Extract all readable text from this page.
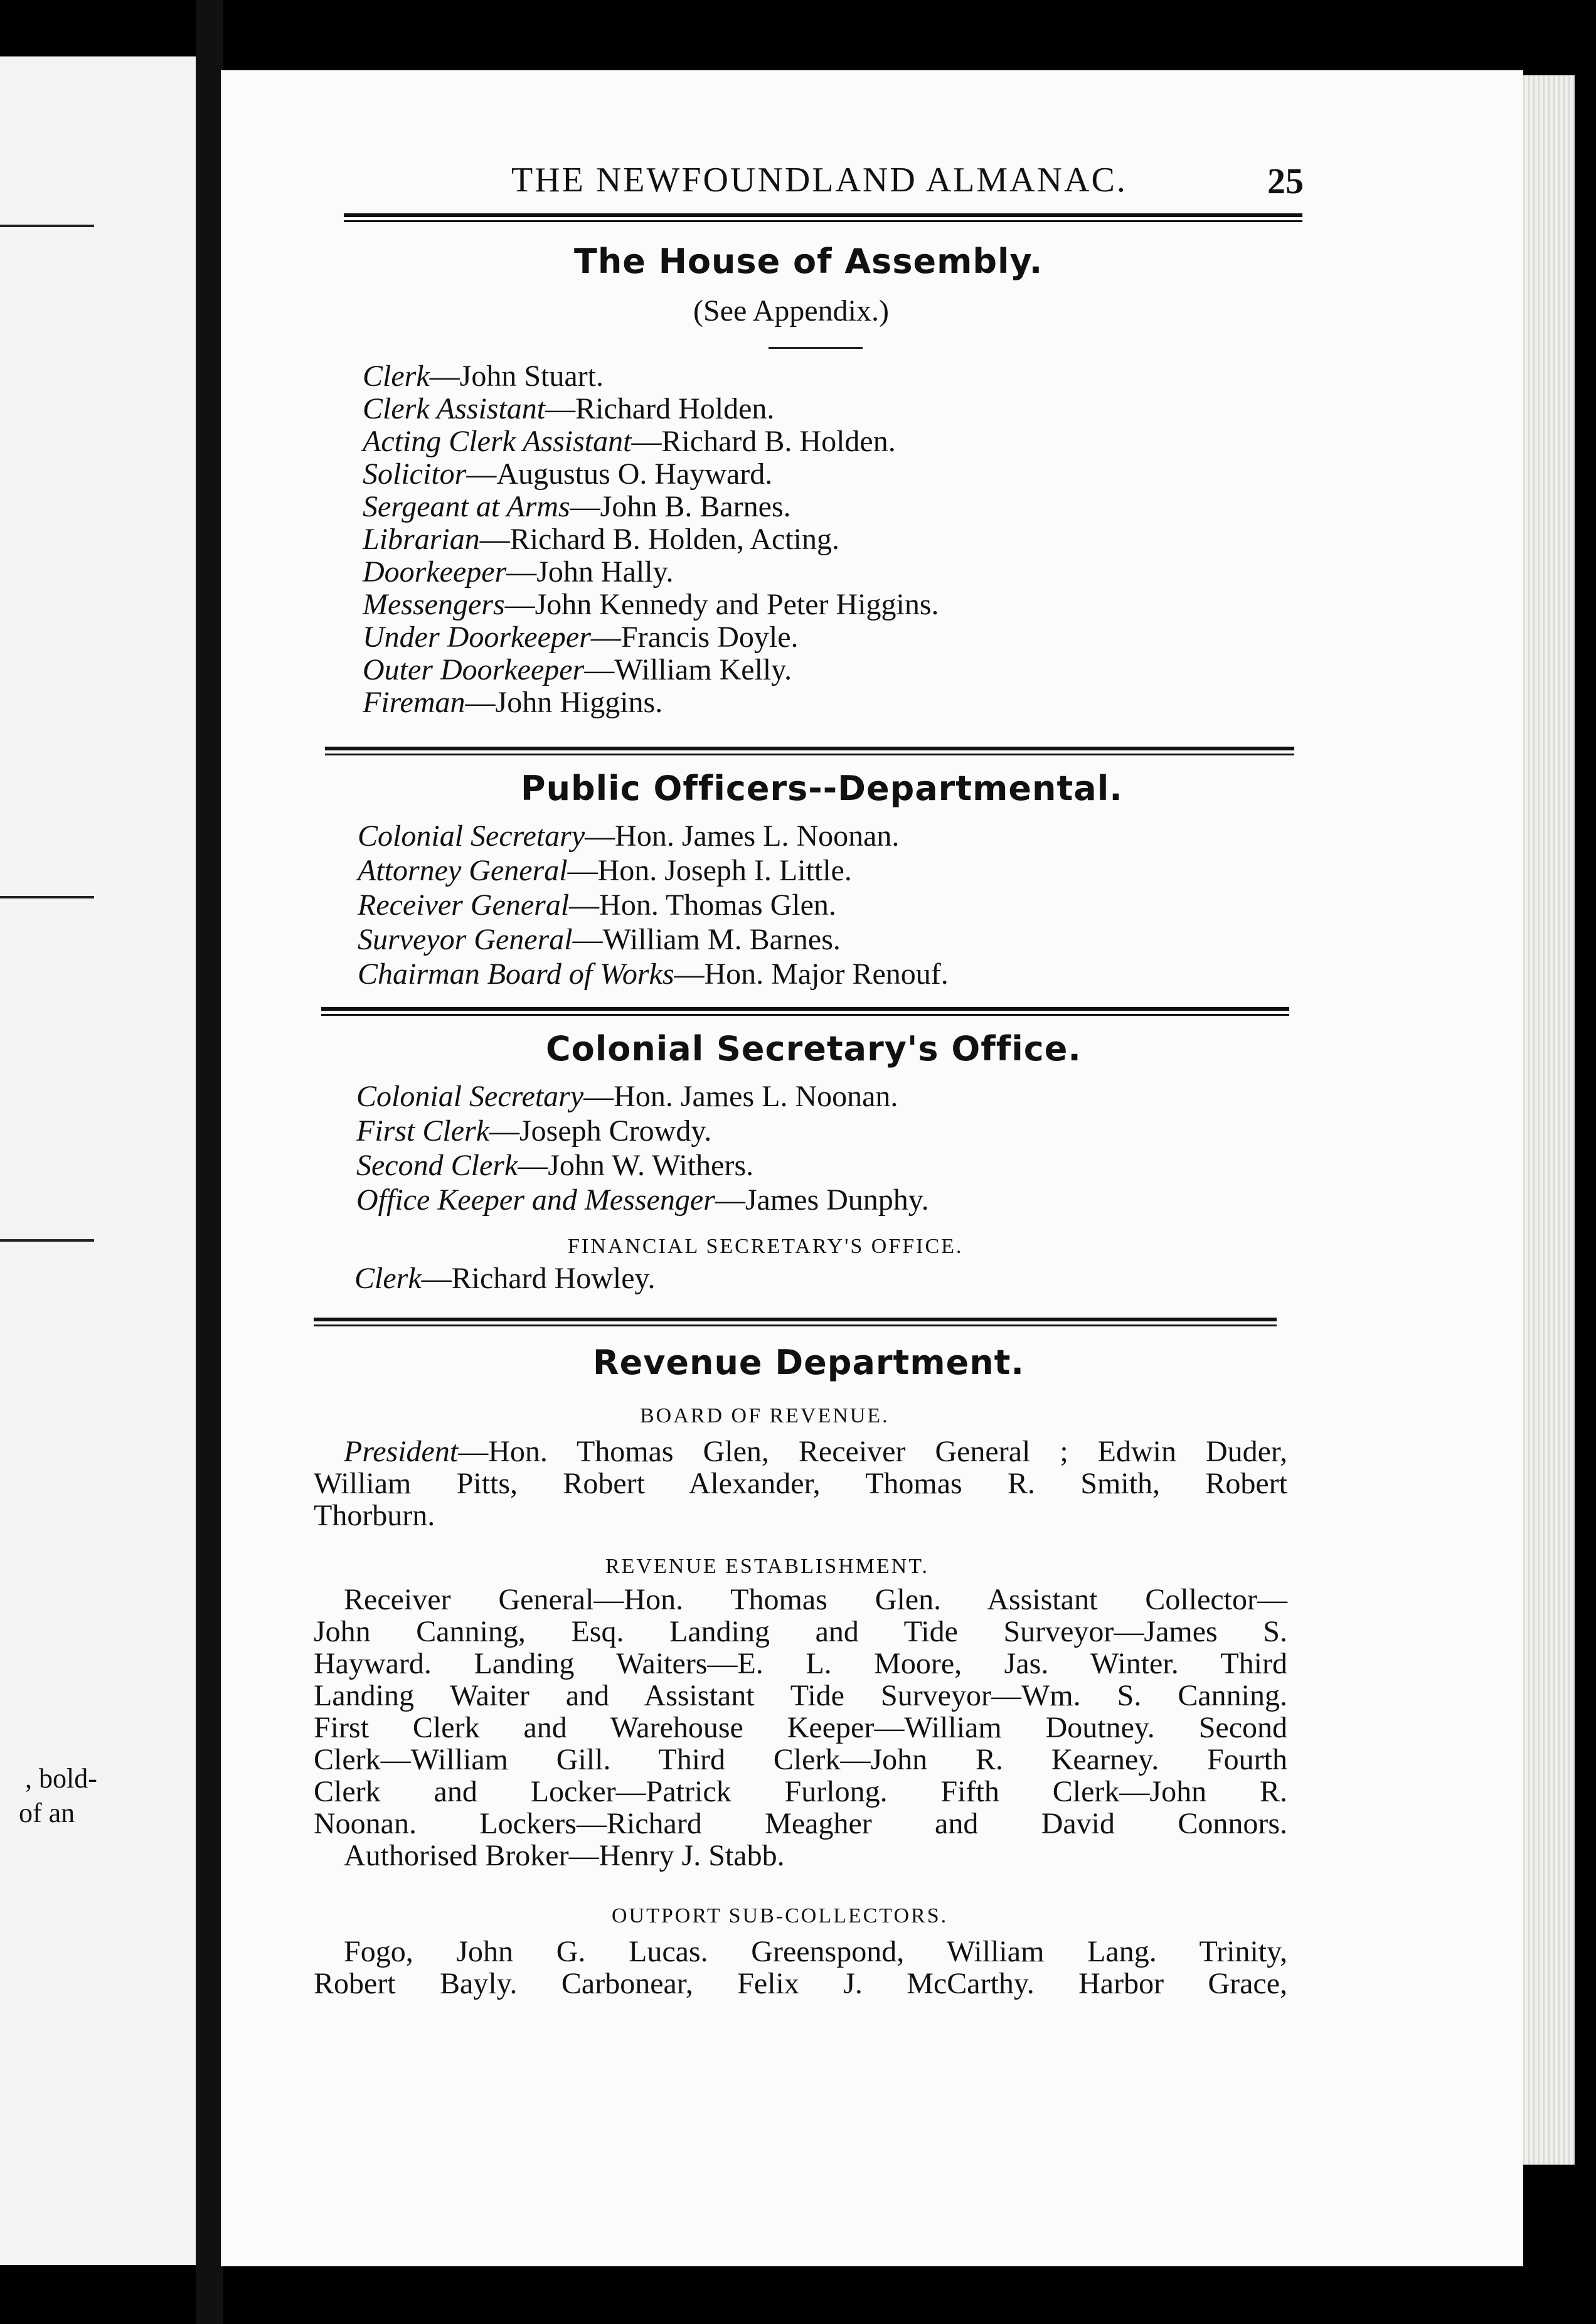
, bold-
of an
THE NEWFOUNDLAND ALMANAC.	25
The House of Assembly.
(See Appendix.)
Clerk—John Stuart.
Clerk Assistant—Richard Holden.
Acting Clerk Assistant—Richard B. Holden.
Solicitor—Augustus O. Hayward.
Sergeant at Arms—John B. Barnes.
Librarian—Richard B. Holden, Acting.
Doorkeeper—John Hally.
Messengers—John Kennedy and Peter Higgins.
Under Doorkeeper—Francis Doyle.
Outer Doorkeeper—William Kelly.
Fireman—John Higgins.
Public Officers--Departmental.
Colonial Secretary—Hon. James L. Noonan.
Attorney General—Hon. Joseph I. Little.
Receiver General—Hon. Thomas Glen.
Surveyor General—William M. Barnes.
Chairman Board of Works—Hon. Major Renouf.
Colonial Secretary's Office.
Colonial Secretary—Hon. James L. Noonan.
First Clerk—Joseph Crowdy.
Second Clerk—John W. Withers.
Office Keeper and Messenger—James Dunphy.
FINANCIAL SECRETARY'S OFFICE.
Clerk—Richard Howley.
Revenue Department.
BOARD OF REVENUE.
President—Hon. Thomas Glen, Receiver General ; Edwin Duder,
William Pitts, Robert Alexander, Thomas R. Smith, Robert
Thorburn.
REVENUE ESTABLISHMENT.
Receiver General—Hon. Thomas Glen. Assistant Collector—
John Canning, Esq. Landing and Tide Surveyor—James S.
Hayward. Landing Waiters—E. L. Moore, Jas. Winter. Third
Landing Waiter and Assistant Tide Surveyor—Wm. S. Canning.
First Clerk and Warehouse Keeper—William Doutney. Second
Clerk—William Gill. Third Clerk—John R. Kearney. Fourth
Clerk and Locker—Patrick Furlong. Fifth Clerk—John R.
Noonan. Lockers—Richard Meagher and David Connors.
Authorised Broker—Henry J. Stabb.
OUTPORT SUB-COLLECTORS.
Fogo, John G. Lucas. Greenspond, William Lang. Trinity,
Robert Bayly. Carbonear, Felix J. McCarthy. Harbor Grace,
